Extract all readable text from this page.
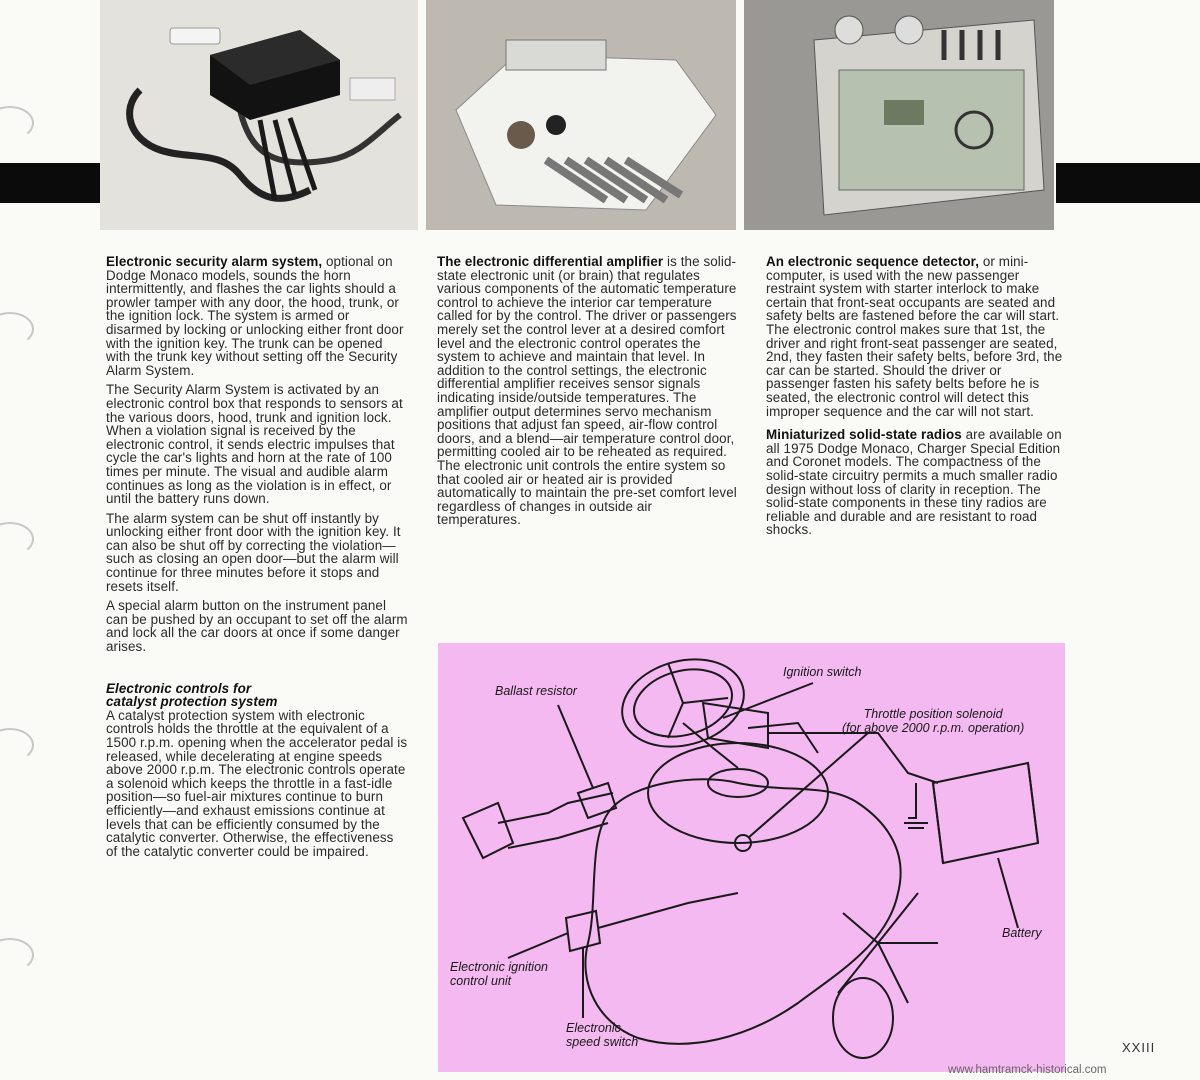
Electronic security alarm system, optional on Dodge Monaco models, sounds the horn intermittently, and flashes the car lights should a prowler tamper with any door, the hood, trunk, or the ignition lock. The system is armed or disarmed by locking or unlocking either front door with the ignition key. The trunk can be opened with the trunk key without setting off the Security Alarm System.

The Security Alarm System is activated by an electronic control box that responds to sensors at the various doors, hood, trunk and ignition lock. When a violation signal is received by the electronic control, it sends electric impulses that cycle the car's lights and horn at the rate of 100 times per minute. The visual and audible alarm continues as long as the violation is in effect, or until the battery runs down.

The alarm system can be shut off instantly by unlocking either front door with the ignition key. It can also be shut off by correcting the violation—such as closing an open door—but the alarm will continue for three minutes before it stops and resets itself.

A special alarm button on the instrument panel can be pushed by an occupant to set off the alarm and lock all the car doors at once if some danger arises.

Electronic controls for
catalyst protection system

A catalyst protection system with electronic controls holds the throttle at the equivalent of a 1500 r.p.m. opening when the accelerator pedal is released, while decelerating at engine speeds above 2000 r.p.m. The electronic controls operate a solenoid which keeps the throttle in a fast-idle position—so fuel-air mixtures continue to burn efficiently—and exhaust emissions continue at levels that can be efficiently consumed by the catalytic converter. Otherwise, the effectiveness of the catalytic converter could be impaired.

The electronic differential amplifier is the solid-state electronic unit (or brain) that regulates various components of the automatic temperature control to achieve the interior car temperature called for by the control. The driver or passengers merely set the control lever at a desired comfort level and the electronic control operates the system to achieve and maintain that level. In addition to the control settings, the electronic differential amplifier receives sensor signals indicating inside/outside temperatures. The amplifier output determines servo mechanism positions that adjust fan speed, air-flow control doors, and a blend—air temperature control door, permitting cooled air to be reheated as required. The electronic unit controls the entire system so that cooled air or heated air is provided automatically to maintain the pre-set comfort level regardless of changes in outside air temperatures.

An electronic sequence detector, or mini-computer, is used with the new passenger restraint system with starter interlock to make certain that front-seat occupants are seated and safety belts are fastened before the car will start. The electronic control makes sure that 1st, the driver and right front-seat passenger are seated, 2nd, they fasten their safety belts, before 3rd, the car can be started. Should the driver or passenger fasten his safety belts before he is seated, the electronic control will detect this improper sequence and the car will not start.

Miniaturized solid-state radios are available on all 1975 Dodge Monaco, Charger Special Edition and Coronet models. The compactness of the solid-state circuitry permits a much smaller radio design without loss of clarity in reception. The solid-state components in these tiny radios are reliable and durable and are resistant to road shocks.

Ignition switch
Ballast resistor
Throttle position solenoid
(for above 2000 r.p.m. operation)
Battery
Electronic ignition
control unit
Electronic
speed switch	XXIII
www.hamtramck-historical.com
